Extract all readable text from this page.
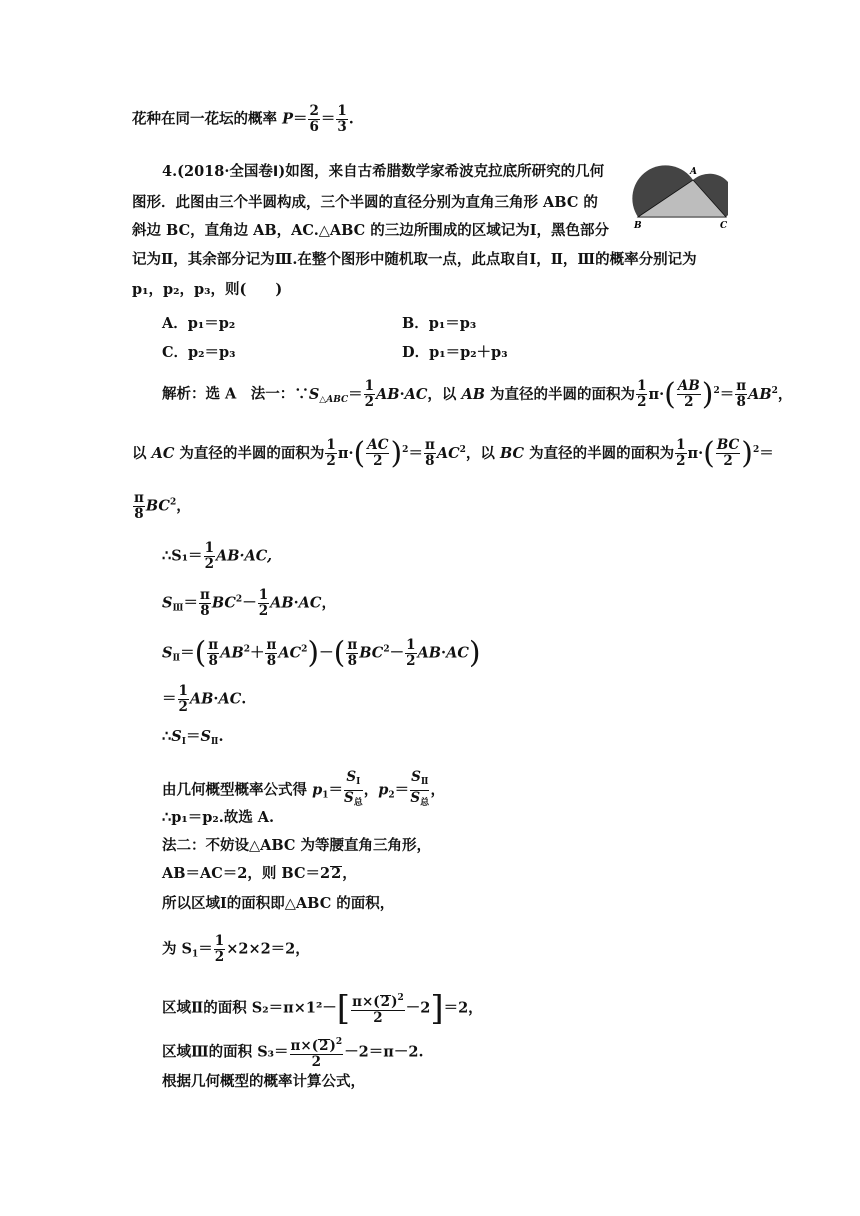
花种在同一花坛的概率 $P= \frac{2}{6} = \frac{1}{3}$ .
4.(2018·全国卷Ⅰ)如图，来自古希腊数学家希波克拉底所研究的几何
图形．此图由三个半圆构成，三个半圆的直径分别为直角三角形 ABC 的
斜边 BC，直角边 AB，AC.△ABC 的三边所围成的区域记为Ⅰ，黑色部分
记为Ⅱ，其余部分记为Ⅲ.在整个图形中随机取一点，此点取自Ⅰ，Ⅱ，Ⅲ的概率分别记为
p₁，p₂，p₃，则(　　)
A
B	C
A．p₁＝p₂	B．p₁＝p₃
C．p₂＝p₃	D．p₁＝p₂＋p₃
解析：选 A　法一：$\because S_{\triangle ABC}= \frac{1}{2} AB\cdot AC$，以 AB 为直径的半圆的面积为 $\frac{1}{2} \pi\cdot( \frac{AB}{2} )^2= \frac{\pi}{8} AB^2$，
以 AC 为直径的半圆的面积为 $\frac{1}{2} \pi\cdot( \frac{AC}{2} )^2= \frac{\pi}{8} AC^2$，以 BC 为直径的半圆的面积为 $\frac{1}{2} \pi\cdot( \frac{BC}{2} )^2=$
$\frac{\pi}{8} BC^2$，
∴S₁＝ $\frac{1}{2} AB\cdot AC$,
$S_Ⅲ= \frac{\pi}{8} BC^2- \frac{1}{2} AB\cdot AC$，
$S_Ⅱ=( \frac{\pi}{8} AB^2+ \frac{\pi}{8} AC^2)-( \frac{\pi}{8} BC^2- \frac{1}{2} AB\cdot AC)$
＝ $\frac{1}{2} AB\cdot AC$.
$\therefore S_Ⅰ=S_Ⅱ$.
由几何概型概率公式得 $p_1= \frac{S_Ⅰ}{S_总}$ ，$p_2= \frac{S_Ⅱ}{S_总}$ ，
∴p₁＝p₂.故选 A.
法二：不妨设△ABC 为等腰直角三角形，
AB＝AC＝2，则 BC＝22，
所以区域Ⅰ的面积即△ABC 的面积，
为 $S_1= \frac{1}{2} \times 2\times 2=2$，
区域Ⅱ的面积 $S_2=\pi\times 1^2-[ \frac{\pi\times(2)^2}{2} -2]=2$，
区域Ⅲ的面积 $S_3= \frac{\pi\times(2)^2}{2} -2=\pi-2$.
根据几何概型的概率计算公式，
